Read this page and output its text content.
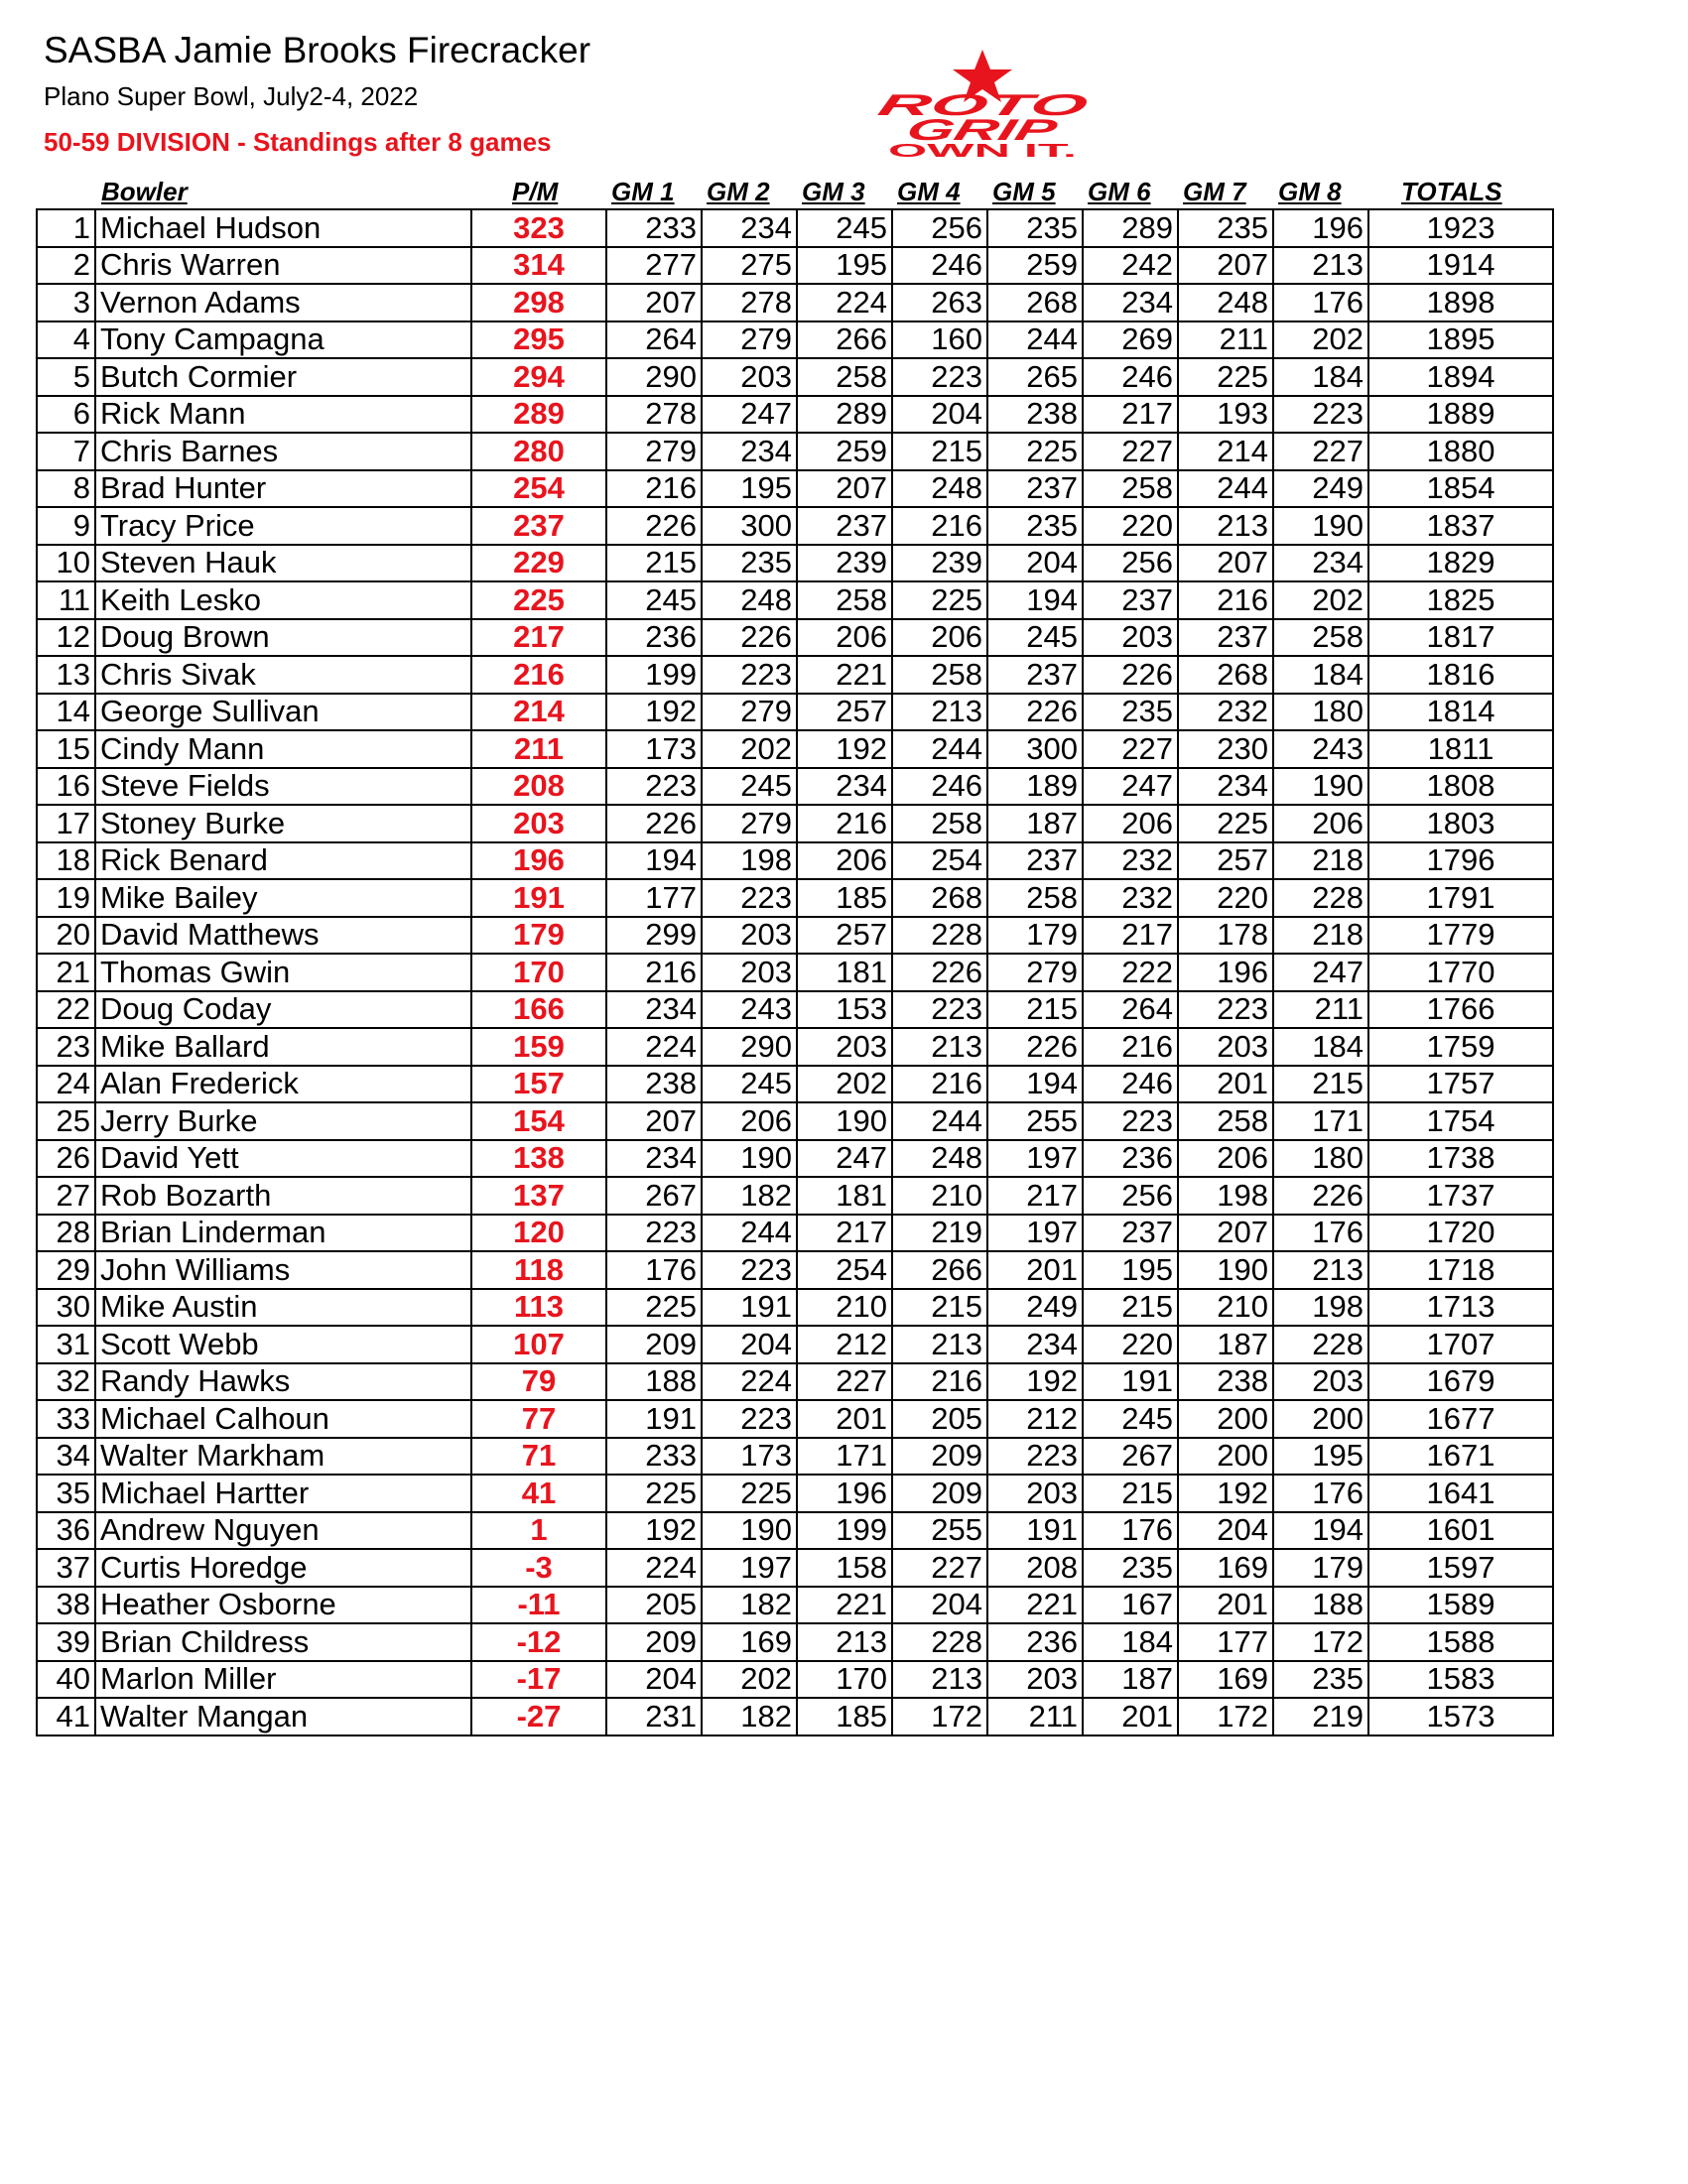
SASBA Jamie Brooks Firecracker
Plano Super Bowl, July2-4, 2022
50-59 DIVISION - Standings after 8 games
ROTO
GRIP
OWN IT.
Bowler	P/M GM 1 GM 2 GM 3 GM 4 GM 5 GM 6 GM 7 GM 8 TOTALS
1	Michael Hudson	323	233	234	245	256	235	289	235	196	1923
2	Chris Warren	314	277	275	195	246	259	242	207	213	1914
3	Vernon Adams	298	207	278	224	263	268	234	248	176	1898
4	Tony Campagna	295	264	279	266	160	244	269	211	202	1895
5	Butch Cormier	294	290	203	258	223	265	246	225	184	1894
6	Rick Mann	289	278	247	289	204	238	217	193	223	1889
7	Chris Barnes	280	279	234	259	215	225	227	214	227	1880
8	Brad Hunter	254	216	195	207	248	237	258	244	249	1854
9	Tracy Price	237	226	300	237	216	235	220	213	190	1837
10	Steven Hauk	229	215	235	239	239	204	256	207	234	1829
11	Keith Lesko	225	245	248	258	225	194	237	216	202	1825
12	Doug Brown	217	236	226	206	206	245	203	237	258	1817
13	Chris Sivak	216	199	223	221	258	237	226	268	184	1816
14	George Sullivan	214	192	279	257	213	226	235	232	180	1814
15	Cindy Mann	211	173	202	192	244	300	227	230	243	1811
16	Steve Fields	208	223	245	234	246	189	247	234	190	1808
17	Stoney Burke	203	226	279	216	258	187	206	225	206	1803
18	Rick Benard	196	194	198	206	254	237	232	257	218	1796
19	Mike Bailey	191	177	223	185	268	258	232	220	228	1791
20	David Matthews	179	299	203	257	228	179	217	178	218	1779
21	Thomas Gwin	170	216	203	181	226	279	222	196	247	1770
22	Doug Coday	166	234	243	153	223	215	264	223	211	1766
23	Mike Ballard	159	224	290	203	213	226	216	203	184	1759
24	Alan Frederick	157	238	245	202	216	194	246	201	215	1757
25	Jerry Burke	154	207	206	190	244	255	223	258	171	1754
26	David Yett	138	234	190	247	248	197	236	206	180	1738
27	Rob Bozarth	137	267	182	181	210	217	256	198	226	1737
28	Brian Linderman	120	223	244	217	219	197	237	207	176	1720
29	John Williams	118	176	223	254	266	201	195	190	213	1718
30	Mike Austin	113	225	191	210	215	249	215	210	198	1713
31	Scott Webb	107	209	204	212	213	234	220	187	228	1707
32	Randy Hawks	79	188	224	227	216	192	191	238	203	1679
33	Michael Calhoun	77	191	223	201	205	212	245	200	200	1677
34	Walter Markham	71	233	173	171	209	223	267	200	195	1671
35	Michael Hartter	41	225	225	196	209	203	215	192	176	1641
36	Andrew Nguyen	1	192	190	199	255	191	176	204	194	1601
37	Curtis Horedge	-3	224	197	158	227	208	235	169	179	1597
38	Heather Osborne	-11	205	182	221	204	221	167	201	188	1589
39	Brian Childress	-12	209	169	213	228	236	184	177	172	1588
40	Marlon Miller	-17	204	202	170	213	203	187	169	235	1583
41	Walter Mangan	-27	231	182	185	172	211	201	172	219	1573
